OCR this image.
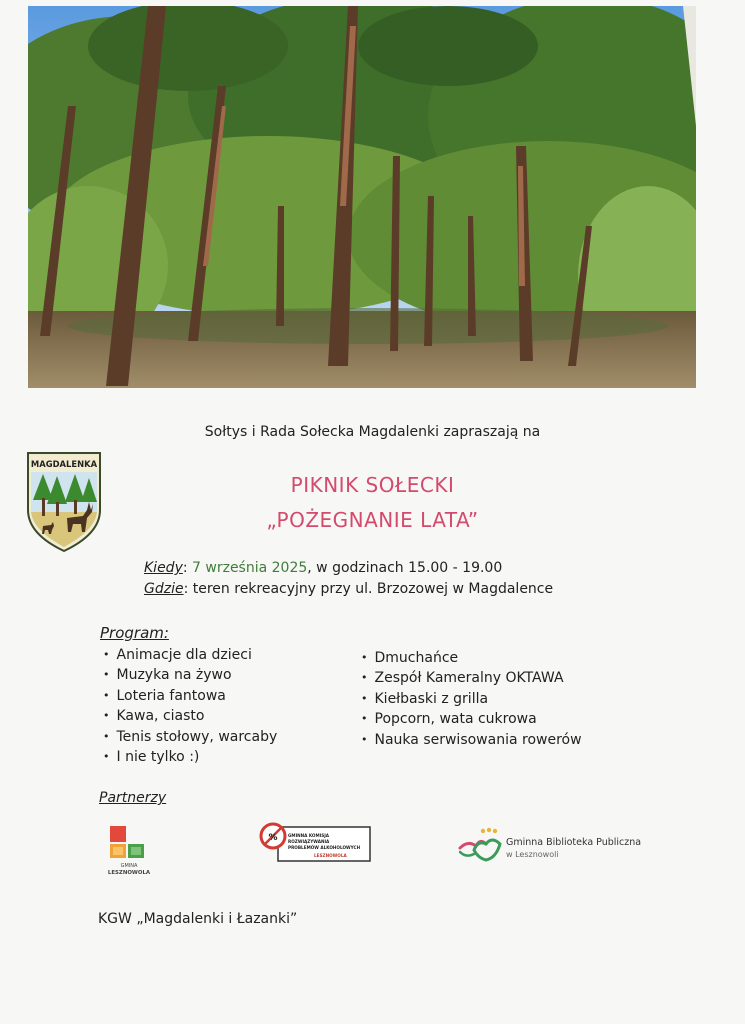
Sołtys i Rada Sołecka Magdalenki zapraszają na
MAGDALENKA
PIKNIK SOŁECKI
„POŻEGNANIE LATA”
Kiedy: 7 września 2025, w godzinach 15.00 - 19.00
Gdzie: teren rekreacyjny przy ul. Brzozowej w Magdalence
Program:
• Animacje dla dzieci
• Muzyka na żywo
• Loteria fantowa
• Kawa, ciasto
• Tenis stołowy, warcaby
• I nie tylko :)
• Dmuchańce
• Zespół Kameralny OKTAWA
• Kiełbaski z grilla
• Popcorn, wata cukrowa
• Nauka serwisowania rowerów
Partnerzy
GMINA
LESZNOWOLA
% GMINNA KOMISJA
ROZWIĄZYWANIA
PROBLEMÓW ALKOHOLOWYCH
LESZNOWOLA
Gminna Biblioteka Publiczna
w Lesznowoli
KGW „Magdalenki i Łazanki”
